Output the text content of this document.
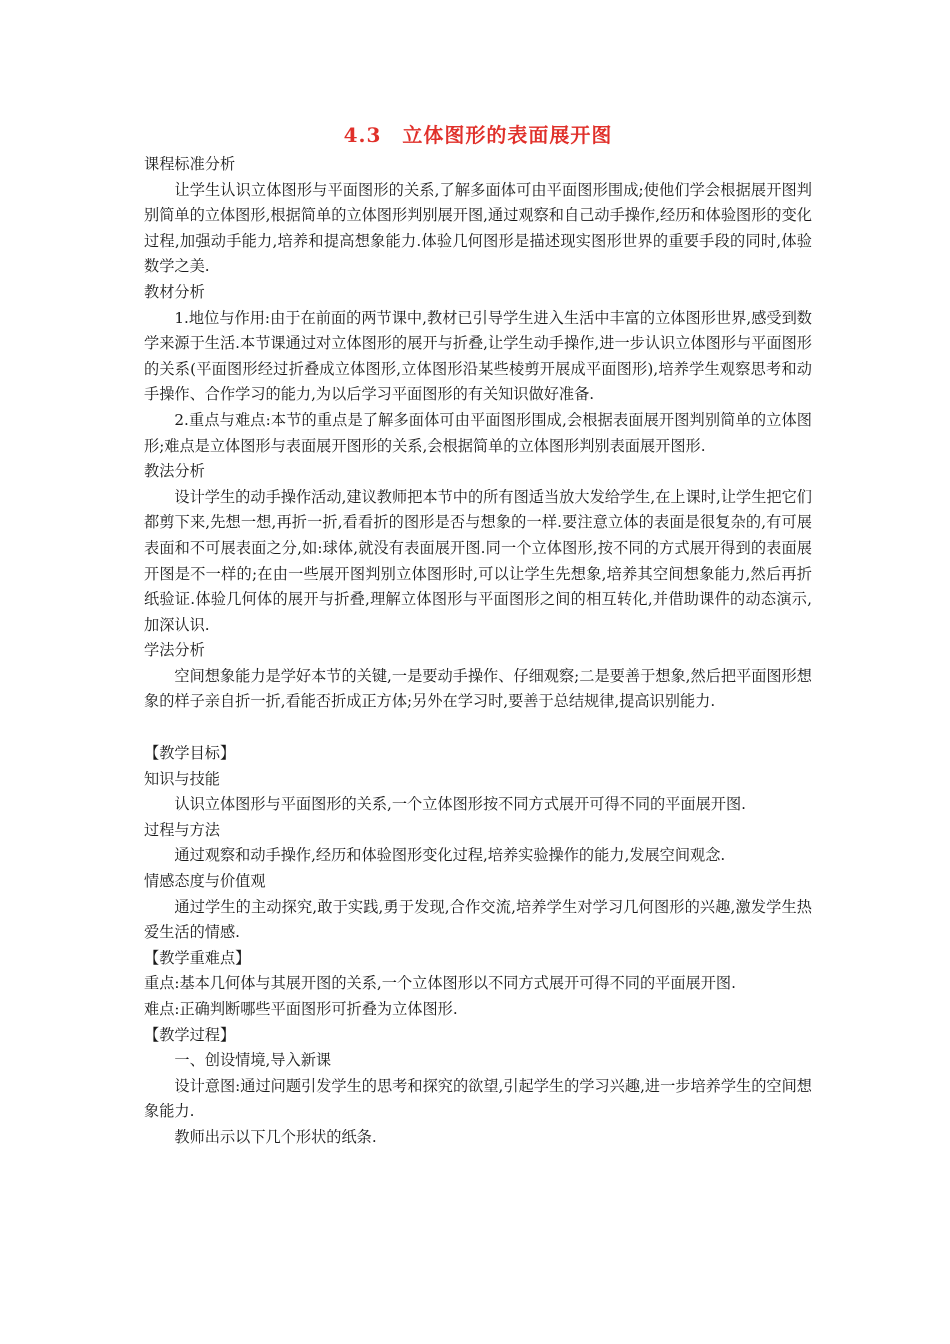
4.3　立体图形的表面展开图
课程标准分析
让学生认识立体图形与平面图形的关系,了解多面体可由平面图形围成;使他们学会根据展开图判别简单的立体图形,根据简单的立体图形判别展开图,通过观察和自己动手操作,经历和体验图形的变化过程,加强动手能力,培养和提高想象能力.体验几何图形是描述现实图形世界的重要手段的同时,体验数学之美.
教材分析
1.地位与作用:由于在前面的两节课中,教材已引导学生进入生活中丰富的立体图形世界,感受到数学来源于生活.本节课通过对立体图形的展开与折叠,让学生动手操作,进一步认识立体图形与平面图形的关系(平面图形经过折叠成立体图形,立体图形沿某些棱剪开展成平面图形),培养学生观察思考和动手操作、合作学习的能力,为以后学习平面图形的有关知识做好准备.
2.重点与难点:本节的重点是了解多面体可由平面图形围成,会根据表面展开图判别简单的立体图形;难点是立体图形与表面展开图形的关系,会根据简单的立体图形判别表面展开图形.
教法分析
设计学生的动手操作活动,建议教师把本节中的所有图适当放大发给学生,在上课时,让学生把它们都剪下来,先想一想,再折一折,看看折的图形是否与想象的一样.要注意立体的表面是很复杂的,有可展表面和不可展表面之分,如:球体,就没有表面展开图.同一个立体图形,按不同的方式展开得到的表面展开图是不一样的;在由一些展开图判别立体图形时,可以让学生先想象,培养其空间想象能力,然后再折纸验证.体验几何体的展开与折叠,理解立体图形与平面图形之间的相互转化,并借助课件的动态演示,加深认识.
学法分析
空间想象能力是学好本节的关键,一是要动手操作、仔细观察;二是要善于想象,然后把平面图形想象的样子亲自折一折,看能否折成正方体;另外在学习时,要善于总结规律,提高识别能力.
【教学目标】
知识与技能
认识立体图形与平面图形的关系,一个立体图形按不同方式展开可得不同的平面展开图.
过程与方法
通过观察和动手操作,经历和体验图形变化过程,培养实验操作的能力,发展空间观念.
情感态度与价值观
通过学生的主动探究,敢于实践,勇于发现,合作交流,培养学生对学习几何图形的兴趣,激发学生热爱生活的情感.
【教学重难点】
重点:基本几何体与其展开图的关系,一个立体图形以不同方式展开可得不同的平面展开图.
难点:正确判断哪些平面图形可折叠为立体图形.
【教学过程】
一、创设情境,导入新课
设计意图:通过问题引发学生的思考和探究的欲望,引起学生的学习兴趣,进一步培养学生的空间想象能力.
教师出示以下几个形状的纸条.
